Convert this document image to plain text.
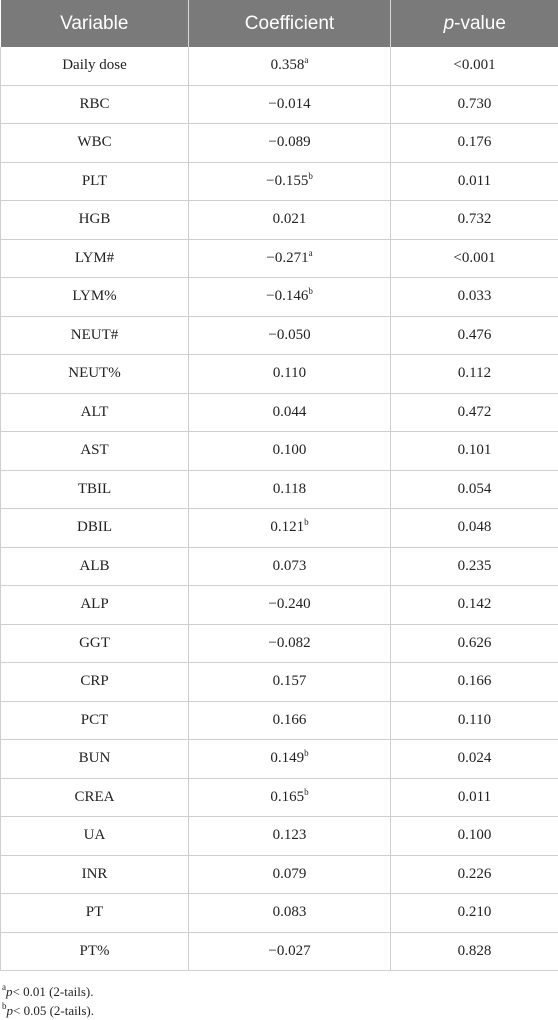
Variable	Coefficient	p-value
Daily dose	0.358$^a$	<0.001
RBC	−0.014	0.730
WBC	−0.089	0.176
PLT	−0.155$^b$	0.011
HGB	0.021	0.732
LYM#	−0.271$^a$	<0.001
LYM%	−0.146$^b$	0.033
NEUT#	−0.050	0.476
NEUT%	0.110	0.112
ALT	0.044	0.472
AST	0.100	0.101
TBIL	0.118	0.054
DBIL	0.121$^b$	0.048
ALB	0.073	0.235
ALP	−0.240	0.142
GGT	−0.082	0.626
CRP	0.157	0.166
PCT	0.166	0.110
BUN	0.149$^b$	0.024
CREA	0.165$^b$	0.011
UA	0.123	0.100
INR	0.079	0.226
PT	0.083	0.210
PT%	−0.027	0.828
$^a$p< 0.01 (2-tails).
$^b$p< 0.05 (2-tails).
